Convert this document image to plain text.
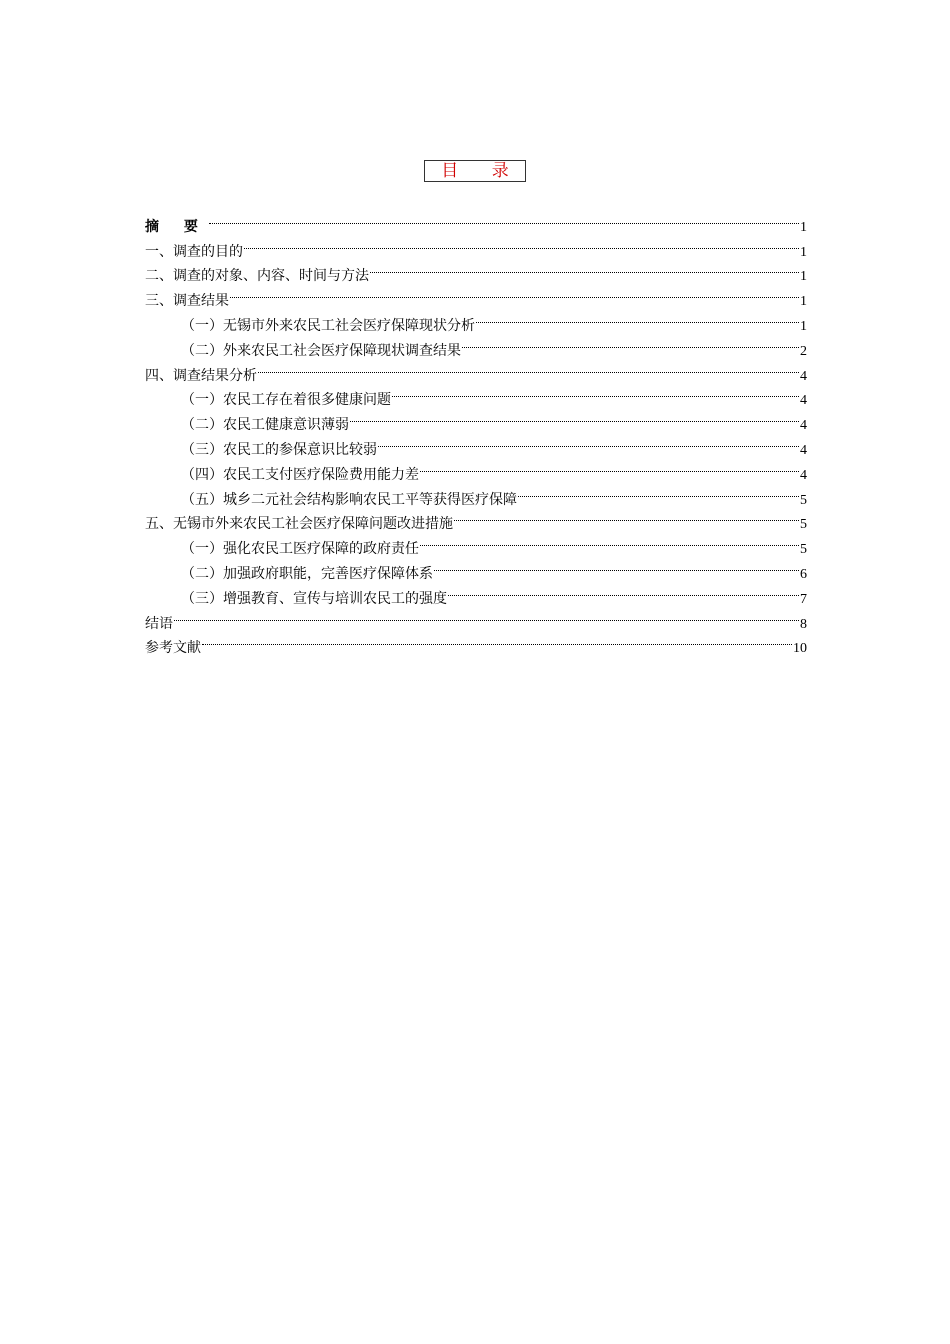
目 录
摘 要	1
一、调查的目的	1
二、调查的对象、内容、时间与方法	1
三、调查结果	1
（一）无锡市外来农民工社会医疗保障现状分析	1
（二）外来农民工社会医疗保障现状调查结果	2
四、调查结果分析	4
（一）农民工存在着很多健康问题	4
（二）农民工健康意识薄弱	4
（三）农民工的参保意识比较弱	4
（四）农民工支付医疗保险费用能力差	4
（五）城乡二元社会结构影响农民工平等获得医疗保障	5
五、无锡市外来农民工社会医疗保障问题改进措施	5
（一）强化农民工医疗保障的政府责任	5
（二）加强政府职能，完善医疗保障体系	6
（三）增强教育、宣传与培训农民工的强度	7
结语	8
参考文献	10
